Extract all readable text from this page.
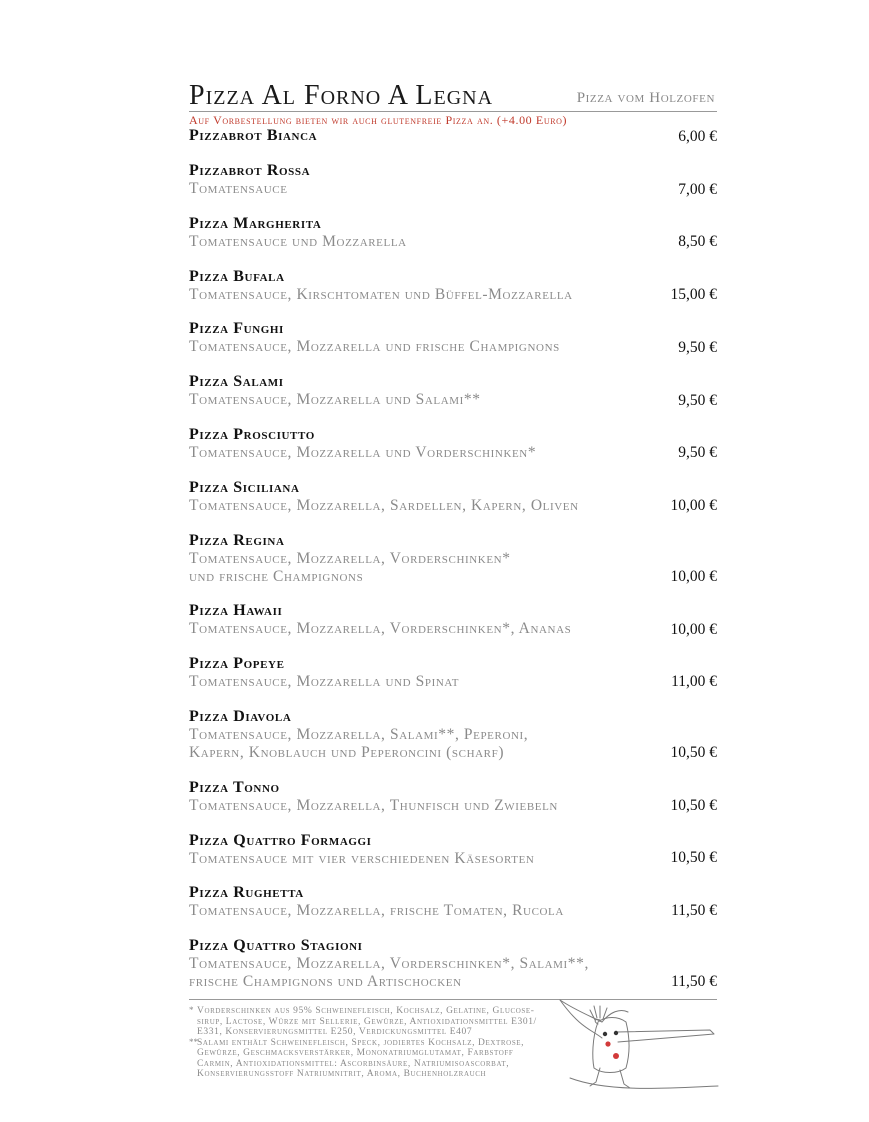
Pizza Al Forno A Legna	Pizza vom Holzofen
Auf Vorbestellung bieten wir auch glutenfreie Pizza an. (+4.00 Euro)
Pizzabrot Bianca	6,00 €
Pizzabrot Rossa
Tomatensauce	7,00 €
Pizza Margherita
Tomatensauce und Mozzarella	8,50 €
Pizza Bufala
Tomatensauce, Kirschtomaten und Büffel-Mozzarella	15,00 €
Pizza Funghi
Tomatensauce, Mozzarella und frische Champignons	9,50 €
Pizza Salami
Tomatensauce, Mozzarella und Salami**	9,50 €
Pizza Prosciutto
Tomatensauce, Mozzarella und Vorderschinken*	9,50 €
Pizza Siciliana
Tomatensauce, Mozzarella, Sardellen, Kapern, Oliven	10,00 €
Pizza Regina
Tomatensauce, Mozzarella, Vorderschinken*
und frische Champignons	10,00 €
Pizza Hawaii
Tomatensauce, Mozzarella, Vorderschinken*, Ananas	10,00 €
Pizza Popeye
Tomatensauce, Mozzarella und Spinat	11,00 €
Pizza Diavola
Tomatensauce, Mozzarella, Salami**, Peperoni,
Kapern, Knoblauch und Peperoncini (scharf)	10,50 €
Pizza Tonno
Tomatensauce, Mozzarella, Thunfisch und Zwiebeln	10,50 €
Pizza Quattro Formaggi
Tomatensauce mit vier verschiedenen Käsesorten	10,50 €
Pizza Rughetta
Tomatensauce, Mozzarella, frische Tomaten, Rucola	11,50 €
Pizza Quattro Stagioni
Tomatensauce, Mozzarella, Vorderschinken*, Salami**,
frische Champignons und Artischocken	11,50 €
* Vorderschinken aus 95% Schweinefleisch, Kochsalz, Gelatine, Glucose-
sirup, Lactose, Würze mit Sellerie, Gewürze, Antioxidationsmittel E301/
E331, Konservierungsmittel E250, Verdickungsmittel E407
** Salami enthält Schweinefleisch, Speck, jodiertes Kochsalz, Dextrose,
Gewürze, Geschmacksverstärker, Mononatriumglutamat, Farbstoff
Carmin, Antioxidationsmittel: Ascorbinsäure, Natriumisoascorbat,
Konservierungsstoff Natriumnitrit, Aroma, Buchenholzrauch
